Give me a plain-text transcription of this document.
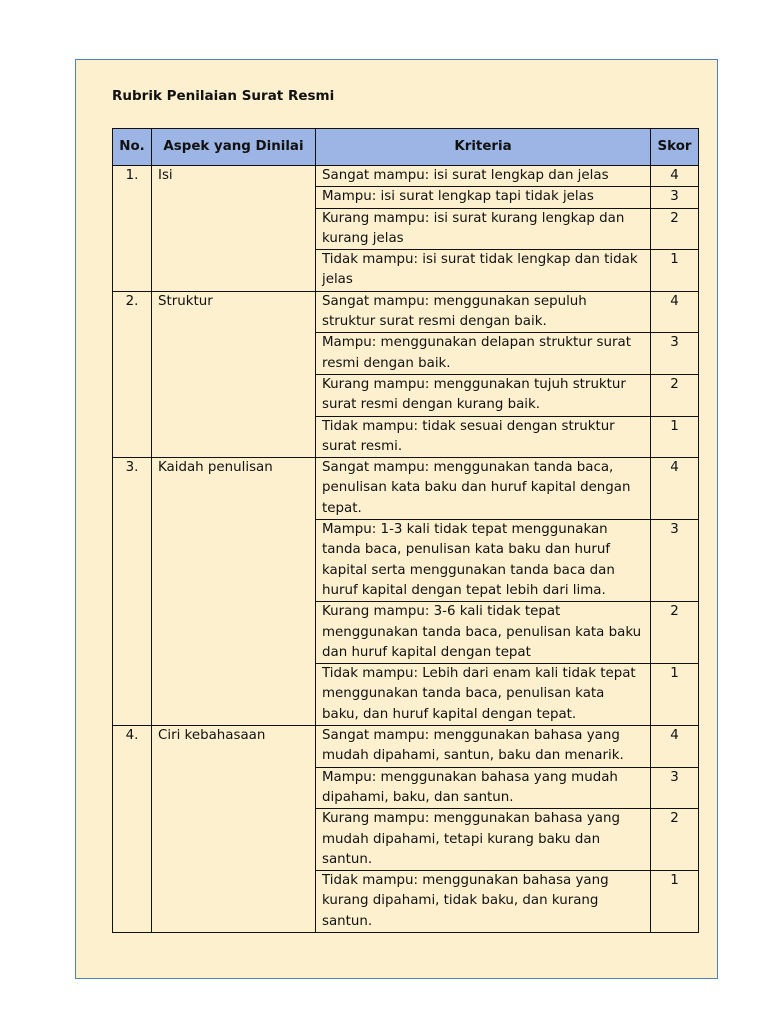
Rubrik Penilaian Surat Resmi
No.	Aspek yang Dinilai	Kriteria	Skor
1.	Isi	Sangat mampu: isi surat lengkap dan jelas	4
		Mampu: isi surat lengkap tapi tidak jelas	3
		Kurang mampu: isi surat kurang lengkap dan kurang jelas	2
		Tidak mampu: isi surat tidak lengkap dan tidak jelas	1
2.	Struktur	Sangat mampu: menggunakan sepuluh struktur surat resmi dengan baik.	4
		Mampu: menggunakan delapan struktur surat resmi dengan baik.	3
		Kurang mampu: menggunakan tujuh struktur surat resmi dengan kurang baik.	2
		Tidak mampu: tidak sesuai dengan struktur surat resmi.	1
3.	Kaidah penulisan	Sangat mampu: menggunakan tanda baca, penulisan kata baku dan huruf kapital dengan tepat.	4
		Mampu: 1-3 kali tidak tepat menggunakan tanda baca, penulisan kata baku dan huruf kapital serta menggunakan tanda baca dan huruf kapital dengan tepat lebih dari lima.	3
		Kurang mampu: 3-6 kali tidak tepat menggunakan tanda baca, penulisan kata baku dan huruf kapital dengan tepat	2
		Tidak mampu: Lebih dari enam kali tidak tepat menggunakan tanda baca, penulisan kata baku, dan huruf kapital dengan tepat.	1
4.	Ciri kebahasaan	Sangat mampu: menggunakan bahasa yang mudah dipahami, santun, baku dan menarik.	4
		Mampu: menggunakan bahasa yang mudah dipahami, baku, dan santun.	3
		Kurang mampu: menggunakan bahasa yang mudah dipahami, tetapi kurang baku dan santun.	2
		Tidak mampu: menggunakan bahasa yang kurang dipahami, tidak baku, dan kurang santun.	1
